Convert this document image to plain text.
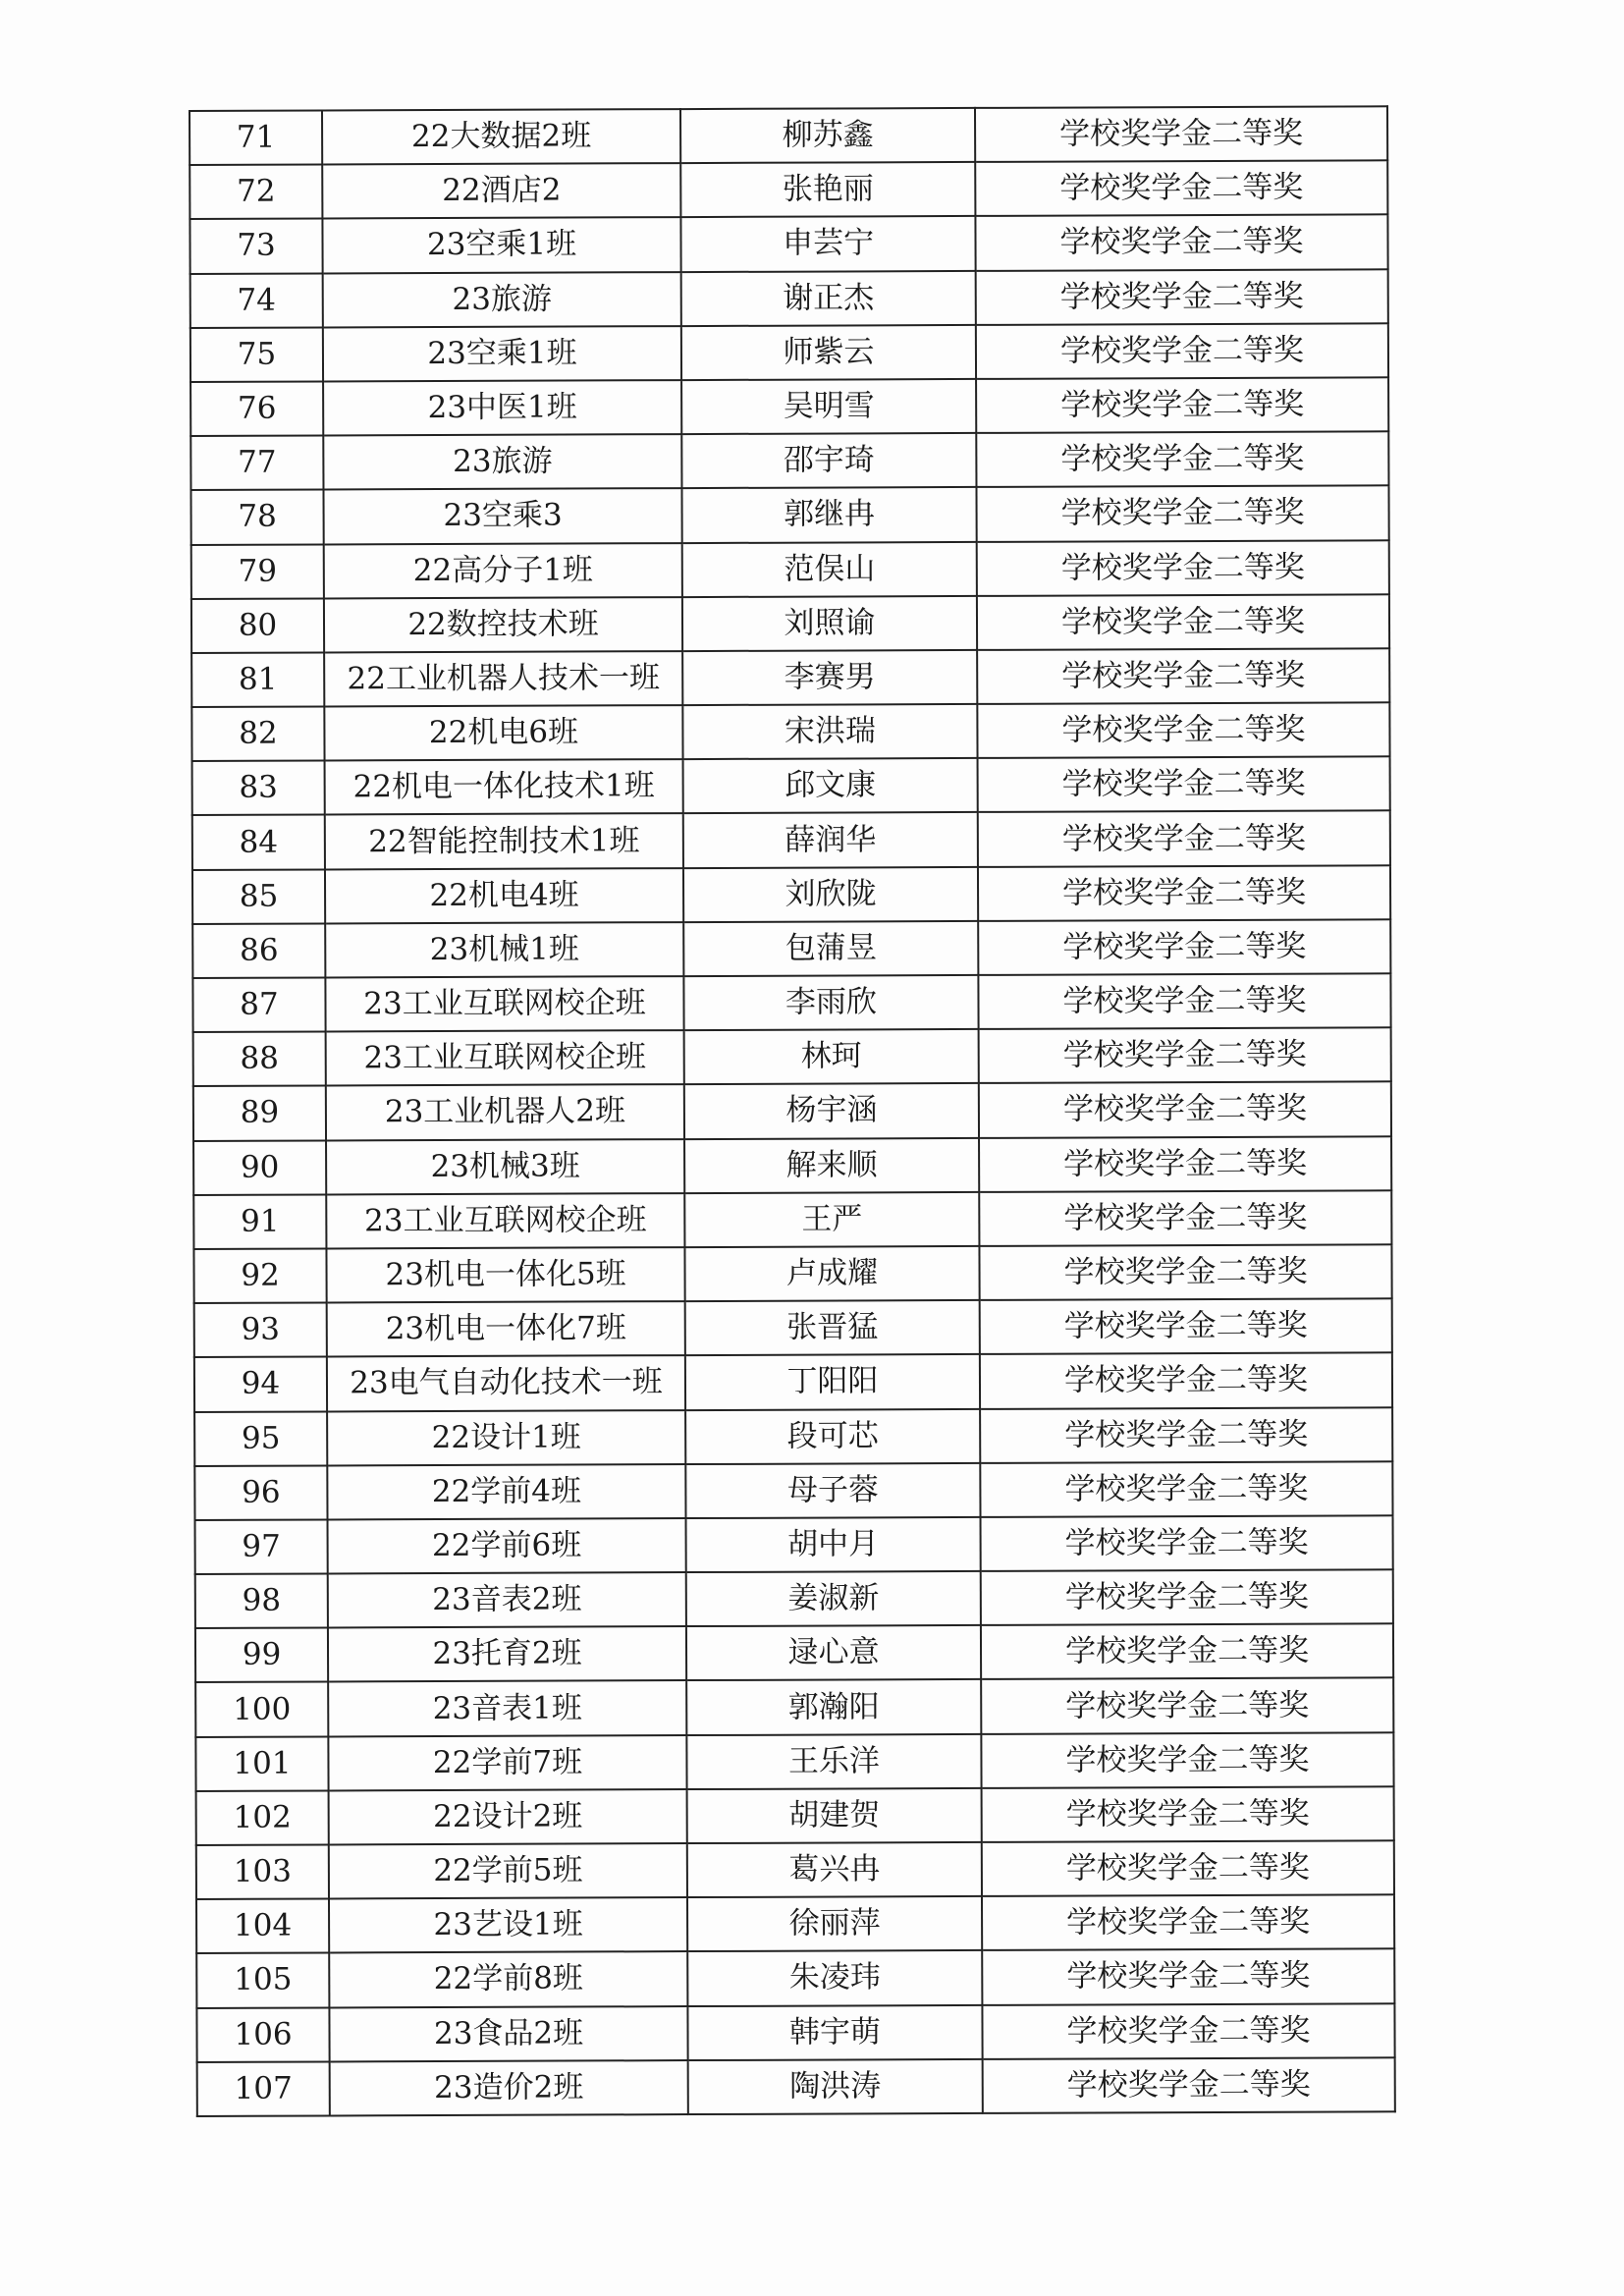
71	22大数据2班	柳苏鑫	学校奖学金二等奖
72	22酒店2	张艳丽	学校奖学金二等奖
73	23空乘1班	申芸宁	学校奖学金二等奖
74	23旅游	谢正杰	学校奖学金二等奖
75	23空乘1班	师紫云	学校奖学金二等奖
76	23中医1班	吴明雪	学校奖学金二等奖
77	23旅游	邵宇琦	学校奖学金二等奖
78	23空乘3	郭继冉	学校奖学金二等奖
79	22高分子1班	范俣山	学校奖学金二等奖
80	22数控技术班	刘照谕	学校奖学金二等奖
81	22工业机器人技术一班	李赛男	学校奖学金二等奖
82	22机电6班	宋洪瑞	学校奖学金二等奖
83	22机电一体化技术1班	邱文康	学校奖学金二等奖
84	22智能控制技术1班	薛润华	学校奖学金二等奖
85	22机电4班	刘欣陇	学校奖学金二等奖
86	23机械1班	包蒲昱	学校奖学金二等奖
87	23工业互联网校企班	李雨欣	学校奖学金二等奖
88	23工业互联网校企班	林珂	学校奖学金二等奖
89	23工业机器人2班	杨宇涵	学校奖学金二等奖
90	23机械3班	解来顺	学校奖学金二等奖
91	23工业互联网校企班	王严	学校奖学金二等奖
92	23机电一体化5班	卢成耀	学校奖学金二等奖
93	23机电一体化7班	张晋猛	学校奖学金二等奖
94	23电气自动化技术一班	丁阳阳	学校奖学金二等奖
95	22设计1班	段可芯	学校奖学金二等奖
96	22学前4班	母子蓉	学校奖学金二等奖
97	22学前6班	胡中月	学校奖学金二等奖
98	23音表2班	姜淑新	学校奖学金二等奖
99	23托育2班	逯心意	学校奖学金二等奖
100	23音表1班	郭瀚阳	学校奖学金二等奖
101	22学前7班	王乐洋	学校奖学金二等奖
102	22设计2班	胡建贺	学校奖学金二等奖
103	22学前5班	葛兴冉	学校奖学金二等奖
104	23艺设1班	徐丽萍	学校奖学金二等奖
105	22学前8班	朱凌玮	学校奖学金二等奖
106	23食品2班	韩宇萌	学校奖学金二等奖
107	23造价2班	陶洪涛	学校奖学金二等奖
